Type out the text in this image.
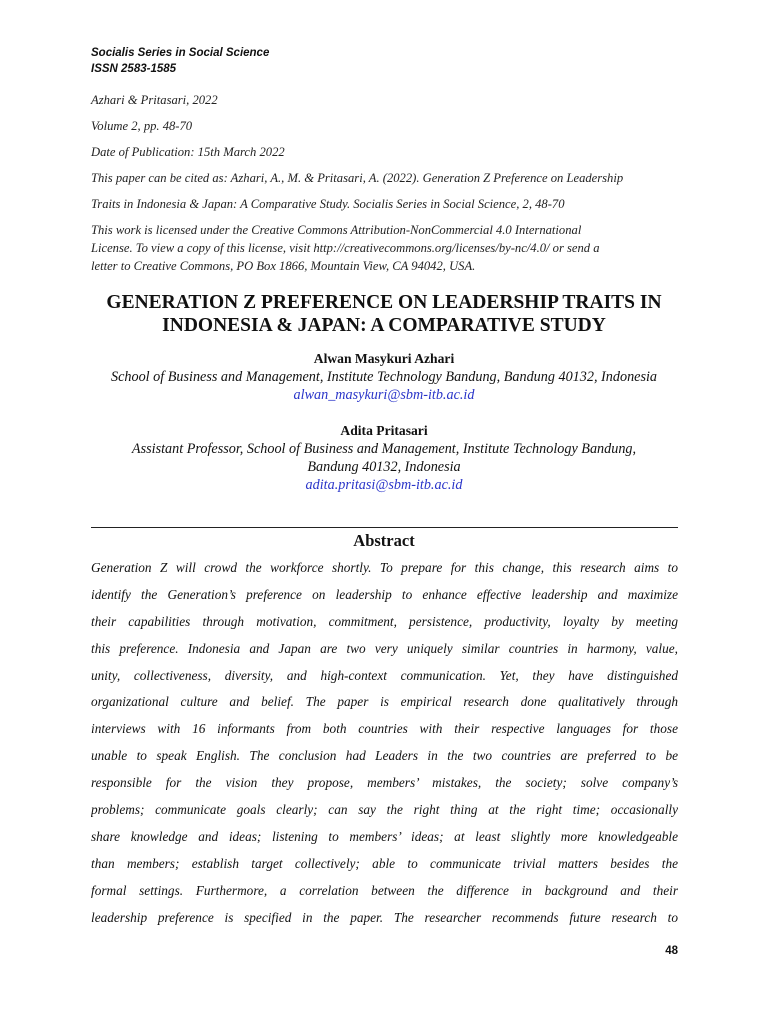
Socialis Series in Social Science
ISSN 2583-1585
Azhari & Pritasari, 2022
Volume 2, pp. 48-70
Date of Publication: 15th March 2022
This paper can be cited as: Azhari, A., M. & Pritasari, A. (2022). Generation Z Preference on Leadership
Traits in Indonesia & Japan: A Comparative Study. Socialis Series in Social Science, 2, 48-70
This work is licensed under the Creative Commons Attribution-NonCommercial 4.0 International
License. To view a copy of this license, visit http://creativecommons.org/licenses/by-nc/4.0/ or send a
letter to Creative Commons, PO Box 1866, Mountain View, CA 94042, USA.
GENERATION Z PREFERENCE ON LEADERSHIP TRAITS IN
INDONESIA & JAPAN: A COMPARATIVE STUDY
Alwan Masykuri Azhari
School of Business and Management, Institute Technology Bandung, Bandung 40132, Indonesia
alwan_masykuri@sbm-itb.ac.id
Adita Pritasari
Assistant Professor, School of Business and Management, Institute Technology Bandung,
Bandung 40132, Indonesia
adita.pritasi@sbm-itb.ac.id
Abstract
Generation Z will crowd the workforce shortly. To prepare for this change, this research aims to
identify the Generation’s preference on leadership to enhance effective leadership and maximize
their capabilities through motivation, commitment, persistence, productivity, loyalty by meeting
this preference. Indonesia and Japan are two very uniquely similar countries in harmony, value,
unity, collectiveness, diversity, and high-context communication. Yet, they have distinguished
organizational culture and belief. The paper is empirical research done qualitatively through
interviews with 16 informants from both countries with their respective languages for those
unable to speak English. The conclusion had Leaders in the two countries are preferred to be
responsible for the vision they propose, members’ mistakes, the society; solve company’s
problems; communicate goals clearly; can say the right thing at the right time; occasionally
share knowledge and ideas; listening to members’ ideas; at least slightly more knowledgeable
than members; establish target collectively; able to communicate trivial matters besides the
formal settings. Furthermore, a correlation between the difference in background and their
leadership preference is specified in the paper. The researcher recommends future research to
48
